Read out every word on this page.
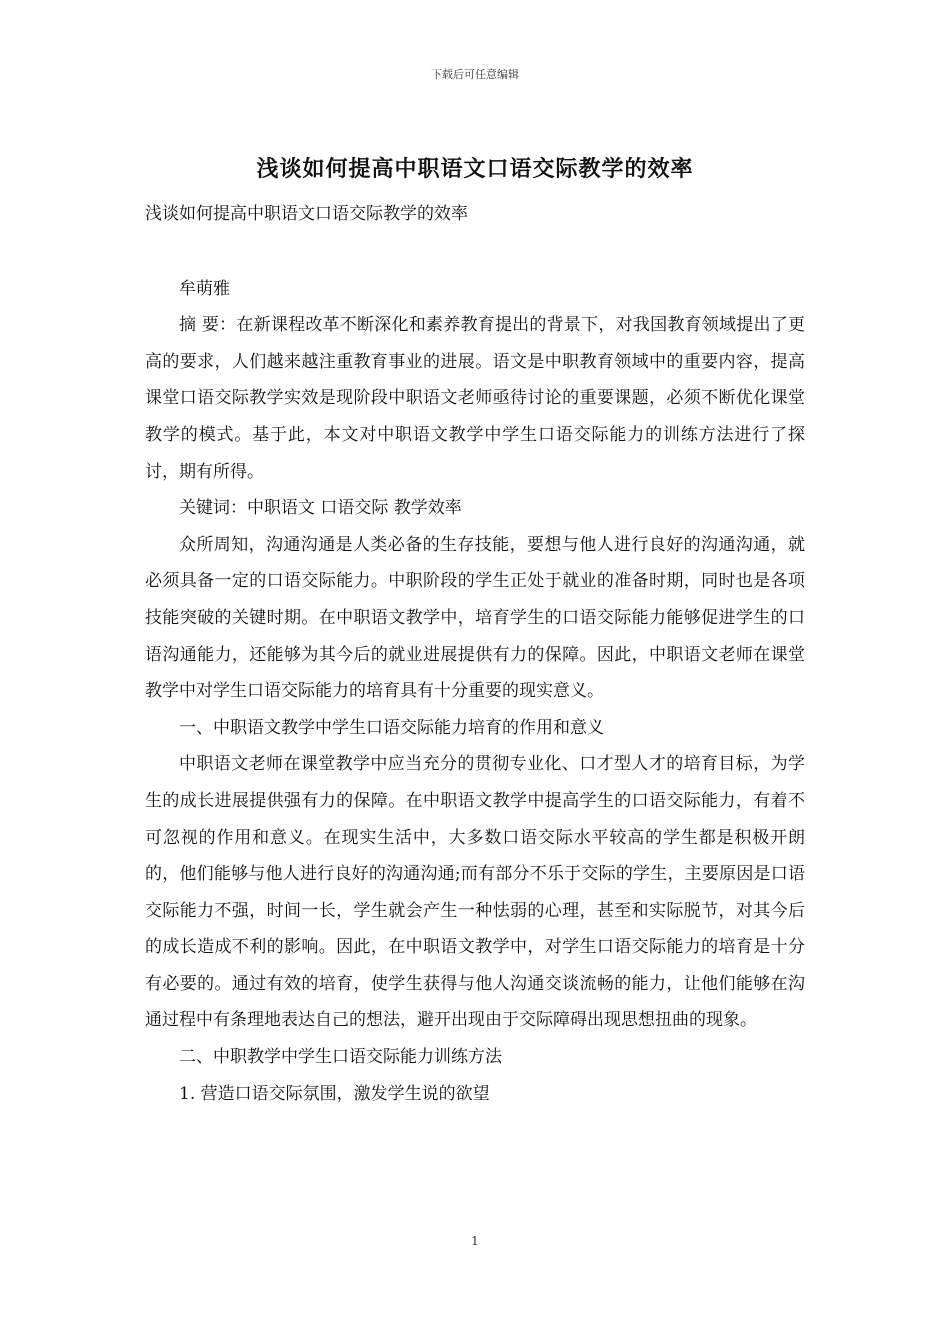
下载后可任意编辑
浅谈如何提高中职语文口语交际教学的效率

浅谈如何提高中职语文口语交际教学的效率

牟萌雅

摘 要：在新课程改革不断深化和素养教育提出的背景下，对我国教育领域提出了更高的要求，人们越来越注重教育事业的进展。语文是中职教育领域中的重要内容，提高课堂口语交际教学实效是现阶段中职语文老师亟待讨论的重要课题，必须不断优化课堂教学的模式。基于此，本文对中职语文教学中学生口语交际能力的训练方法进行了探讨，期有所得。

关键词：中职语文 口语交际 教学效率

众所周知，沟通沟通是人类必备的生存技能，要想与他人进行良好的沟通沟通，就必须具备一定的口语交际能力。中职阶段的学生正处于就业的准备时期，同时也是各项技能突破的关键时期。在中职语文教学中，培育学生的口语交际能力能够促进学生的口语沟通能力，还能够为其今后的就业进展提供有力的保障。因此，中职语文老师在课堂教学中对学生口语交际能力的培育具有十分重要的现实意义。

一、中职语文教学中学生口语交际能力培育的作用和意义

中职语文老师在课堂教学中应当充分的贯彻专业化、口才型人才的培育目标，为学生的成长进展提供强有力的保障。在中职语文教学中提高学生的口语交际能力，有着不可忽视的作用和意义。在现实生活中，大多数口语交际水平较高的学生都是积极开朗的，他们能够与他人进行良好的沟通沟通;而有部分不乐于交际的学生，主要原因是口语交际能力不强，时间一长，学生就会产生一种怯弱的心理，甚至和实际脱节，对其今后的成长造成不利的影响。因此，在中职语文教学中，对学生口语交际能力的培育是十分有必要的。通过有效的培育，使学生获得与他人沟通交谈流畅的能力，让他们能够在沟通过程中有条理地表达自己的想法，避开出现由于交际障碍出现思想扭曲的现象。

二、中职教学中学生口语交际能力训练方法

1. 营造口语交际氛围，激发学生说的欲望

1
